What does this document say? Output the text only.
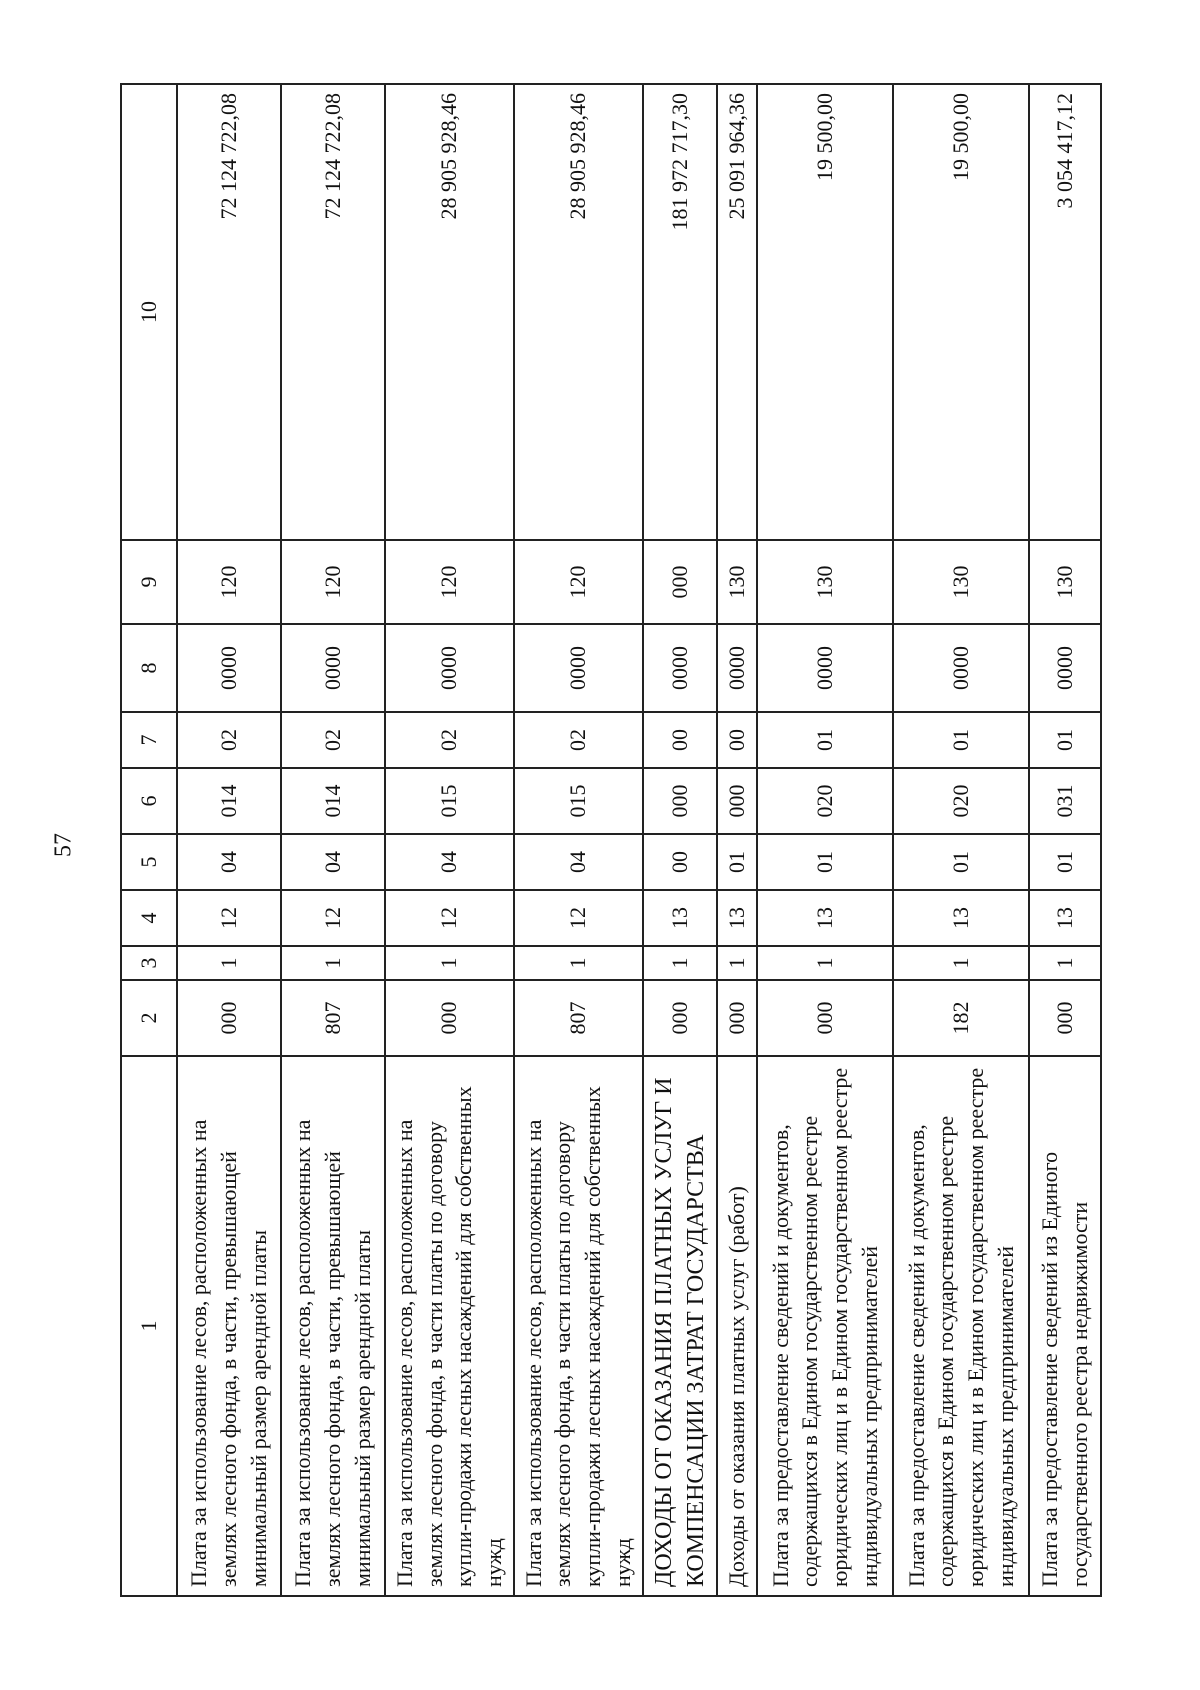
57
1	2	3	4	5	6	7	8	9	10
Плата за использование лесов, расположенных на землях лесного фонда, в части, превышающей минимальный размер арендной платы	000	1	12	04	014	02	0000	120	72 124 722,08
Плата за использование лесов, расположенных на землях лесного фонда, в части, превышающей минимальный размер арендной платы	807	1	12	04	014	02	0000	120	72 124 722,08
Плата за использование лесов, расположенных на землях лесного фонда, в части платы по договору купли-продажи лесных насаждений для собственных нужд	000	1	12	04	015	02	0000	120	28 905 928,46
Плата за использование лесов, расположенных на землях лесного фонда, в части платы по договору купли-продажи лесных насаждений для собственных нужд	807	1	12	04	015	02	0000	120	28 905 928,46
ДОХОДЫ ОТ ОКАЗАНИЯ ПЛАТНЫХ УСЛУГ И КОМПЕНСАЦИИ ЗАТРАТ ГОСУДАРСТВА	000	1	13	00	000	00	0000	000	181 972 717,30
Доходы от оказания платных услуг (работ)	000	1	13	01	000	00	0000	130	25 091 964,36
Плата за предоставление сведений и документов, содержащихся в Едином государственном реестре юридических лиц и в Едином государственном реестре индивидуальных предпринимателей	000	1	13	01	020	01	0000	130	19 500,00
Плата за предоставление сведений и документов, содержащихся в Едином государственном реестре юридических лиц и в Едином государственном реестре индивидуальных предпринимателей	182	1	13	01	020	01	0000	130	19 500,00
Плата за предоставление сведений из Единого государственного реестра недвижимости	000	1	13	01	031	01	0000	130	3 054 417,12
